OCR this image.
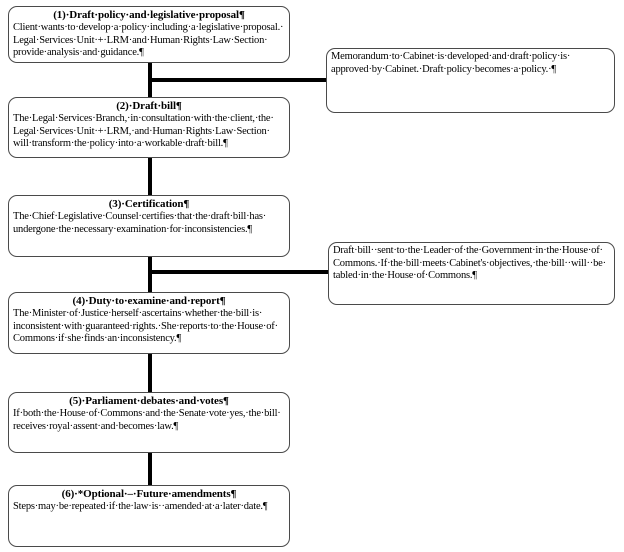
(1)·​Draft·​policy·​and·​legislative·​proposal¶
Client·​wants·​to·​develop·​a·​policy·​including·​a·​legislative·​proposal.·​Legal·​Services·​Unit·​+·​LRM·​and·​Human·​Rights·​Law·​Section·​provide·​analysis·​and·​guidance.¶
(2)·​Draft·​bill¶
The·​Legal·​Services·​Branch,·​in·​consultation·​with·​the·​client,·​the·​Legal·​Services·​Unit·​+·​LRM,·​and·​Human·​Rights·​Law·​Section·​will·​transform·​the·​policy·​into·​a·​workable·​draft·​bill.¶
(3)·​Certification¶
The·​Chief·​Legislative·​Counsel·​certifies·​that·​the·​draft·​bill·​has·​undergone·​the·​necessary·​examination·​for·​inconsistencies.¶
(4)·​Duty·​to·​examine·​and·​report¶
The·​Minister·​of·​Justice·​herself·​ascertains·​whether·​the·​bill·​is·​inconsistent·​with·​guaranteed·​rights.·​She·​reports·​to·​the·​House·​of·​Commons·​if·​she·​finds·​an·​inconsistency.¶
(5)·​Parliament·​debates·​and·​votes¶
If·​both·​the·​House·​of·​Commons·​and·​the·​Senate·​vote·​yes,·​the·​bill·​receives·​royal·​assent·​and·​becomes·​law.¶
(6)·​*Optional·​–·​Future·​amendments¶
Steps·​may·​be·​repeated·​if·​the·​law·​is·​·​amended·​at·​a·​later·​date.¶
Memorandum·​to·​Cabinet·​is·​developed·​and·​draft·​policy·​is·​approved·​by·​Cabinet.·​Draft·​policy·​becomes·​a·​policy.·​¶
Draft·​bill·​·​sent·​to·​the·​Leader·​of·​the·​Government·​in·​the·​House·​of·​Commons.·​If·​the·​bill·​meets·​Cabinet's·​objectives,·​the·​bill·​·​will·​·​be·​tabled·​in·​the·​House·​of·​Commons.¶
